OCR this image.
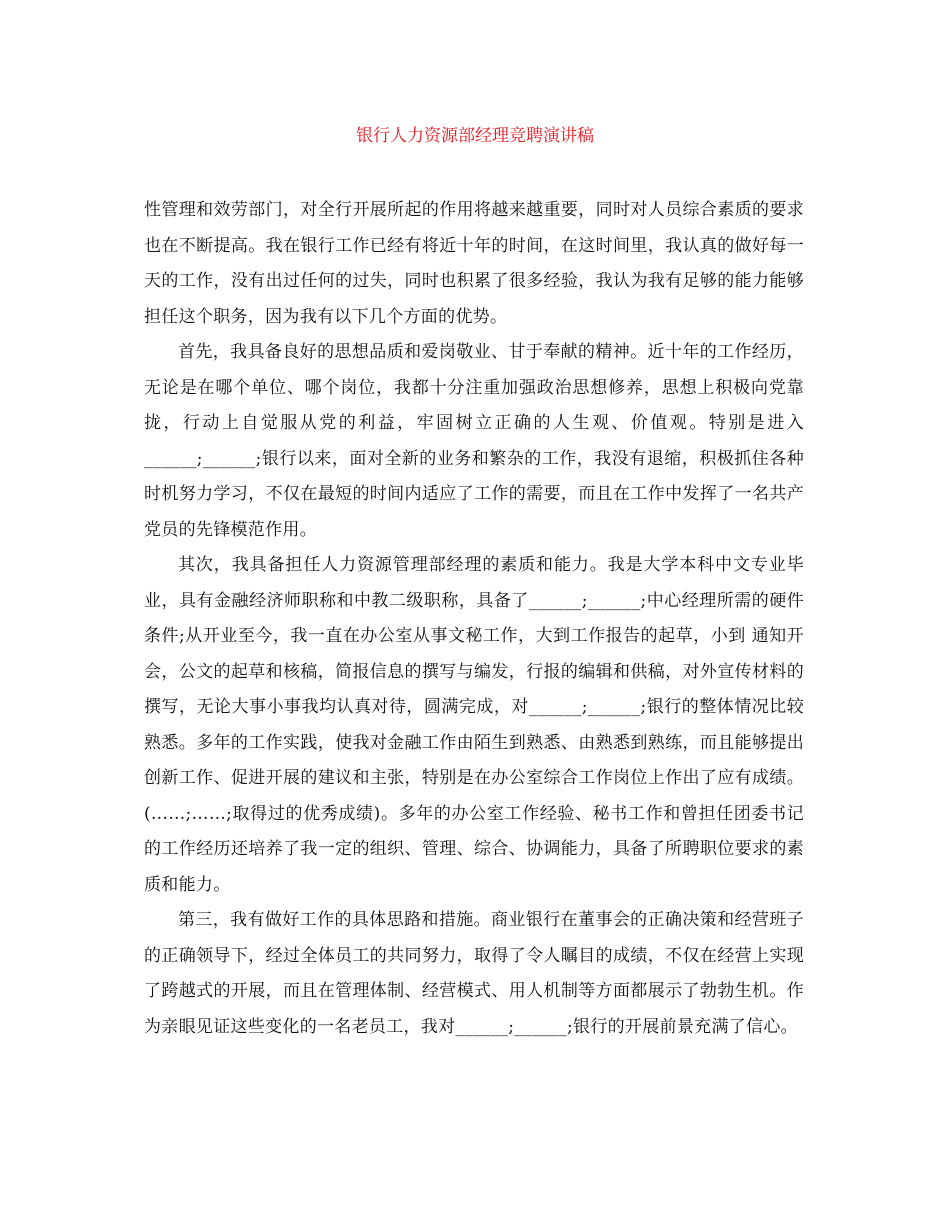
银行人力资源部经理竞聘演讲稿

性管理和效劳部门，对全行开展所起的作用将越来越重要，同时对人员综合素质的要求也在不断提高。我在银行工作已经有将近十年的时间，在这时间里，我认真的做好每一天的工作，没有出过任何的过失，同时也积累了很多经验，我认为我有足够的能力能够担任这个职务，因为我有以下几个方面的优势。

首先，我具备良好的思想品质和爱岗敬业、甘于奉献的精神。近十年的工作经历，无论是在哪个单位、哪个岗位，我都十分注重加强政治思想修养，思想上积极向党靠拢，行动上自觉服从党的利益，牢固树立正确的人生观、价值观。特别是进入______;______;银行以来，面对全新的业务和繁杂的工作，我没有退缩，积极抓住各种时机努力学习，不仅在最短的时间内适应了工作的需要，而且在工作中发挥了一名共产党员的先锋模范作用。

其次，我具备担任人力资源管理部经理的素质和能力。我是大学本科中文专业毕业，具有金融经济师职称和中教二级职称，具备了______;______;中心经理所需的硬件条件;从开业至今，我一直在办公室从事文秘工作，大到工作报告的起草，小到 通知开会，公文的起草和核稿，简报信息的撰写与编发，行报的编辑和供稿，对外宣传材料的撰写，无论大事小事我均认真对待，圆满完成，对______;______;银行的整体情况比较熟悉。多年的工作实践，使我对金融工作由陌生到熟悉、由熟悉到熟练，而且能够提出创新工作、促进开展的建议和主张，特别是在办公室综合工作岗位上作出了应有成绩。(……;……;取得过的优秀成绩)。多年的办公室工作经验、秘书工作和曾担任团委书记的工作经历还培养了我一定的组织、管理、综合、协调能力，具备了所聘职位要求的素质和能力。

第三，我有做好工作的具体思路和措施。商业银行在董事会的正确决策和经营班子的正确领导下，经过全体员工的共同努力，取得了令人瞩目的成绩，不仅在经营上实现了跨越式的开展，而且在管理体制、经营模式、用人机制等方面都展示了勃勃生机。作为亲眼见证这些变化的一名老员工，我对______;______;银行的开展前景充满了信心。
